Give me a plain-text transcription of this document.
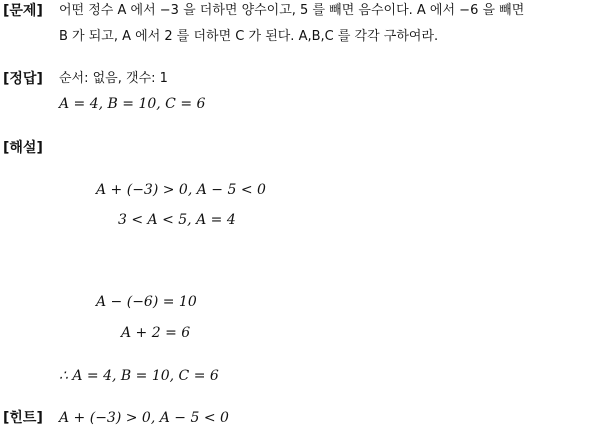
[문제] 어떤 정수 A 에서 −3 을 더하면 양수이고, 5 를 빼면 음수이다. A 에서 −6 을 빼면
B 가 되고, A 에서 2 를 더하면 C 가 된다. A,B,C 를 각각 구하여라.
[정답] 순서: 없음, 갯수: 1
A = 4, B = 10, C = 6
[해설]
A + (−3) > 0, A − 5 < 0
3 < A < 5, A = 4
A − (−6) = 10
A + 2 = 6
∴ A = 4, B = 10, C = 6
[힌트] A + (−3) > 0, A − 5 < 0
